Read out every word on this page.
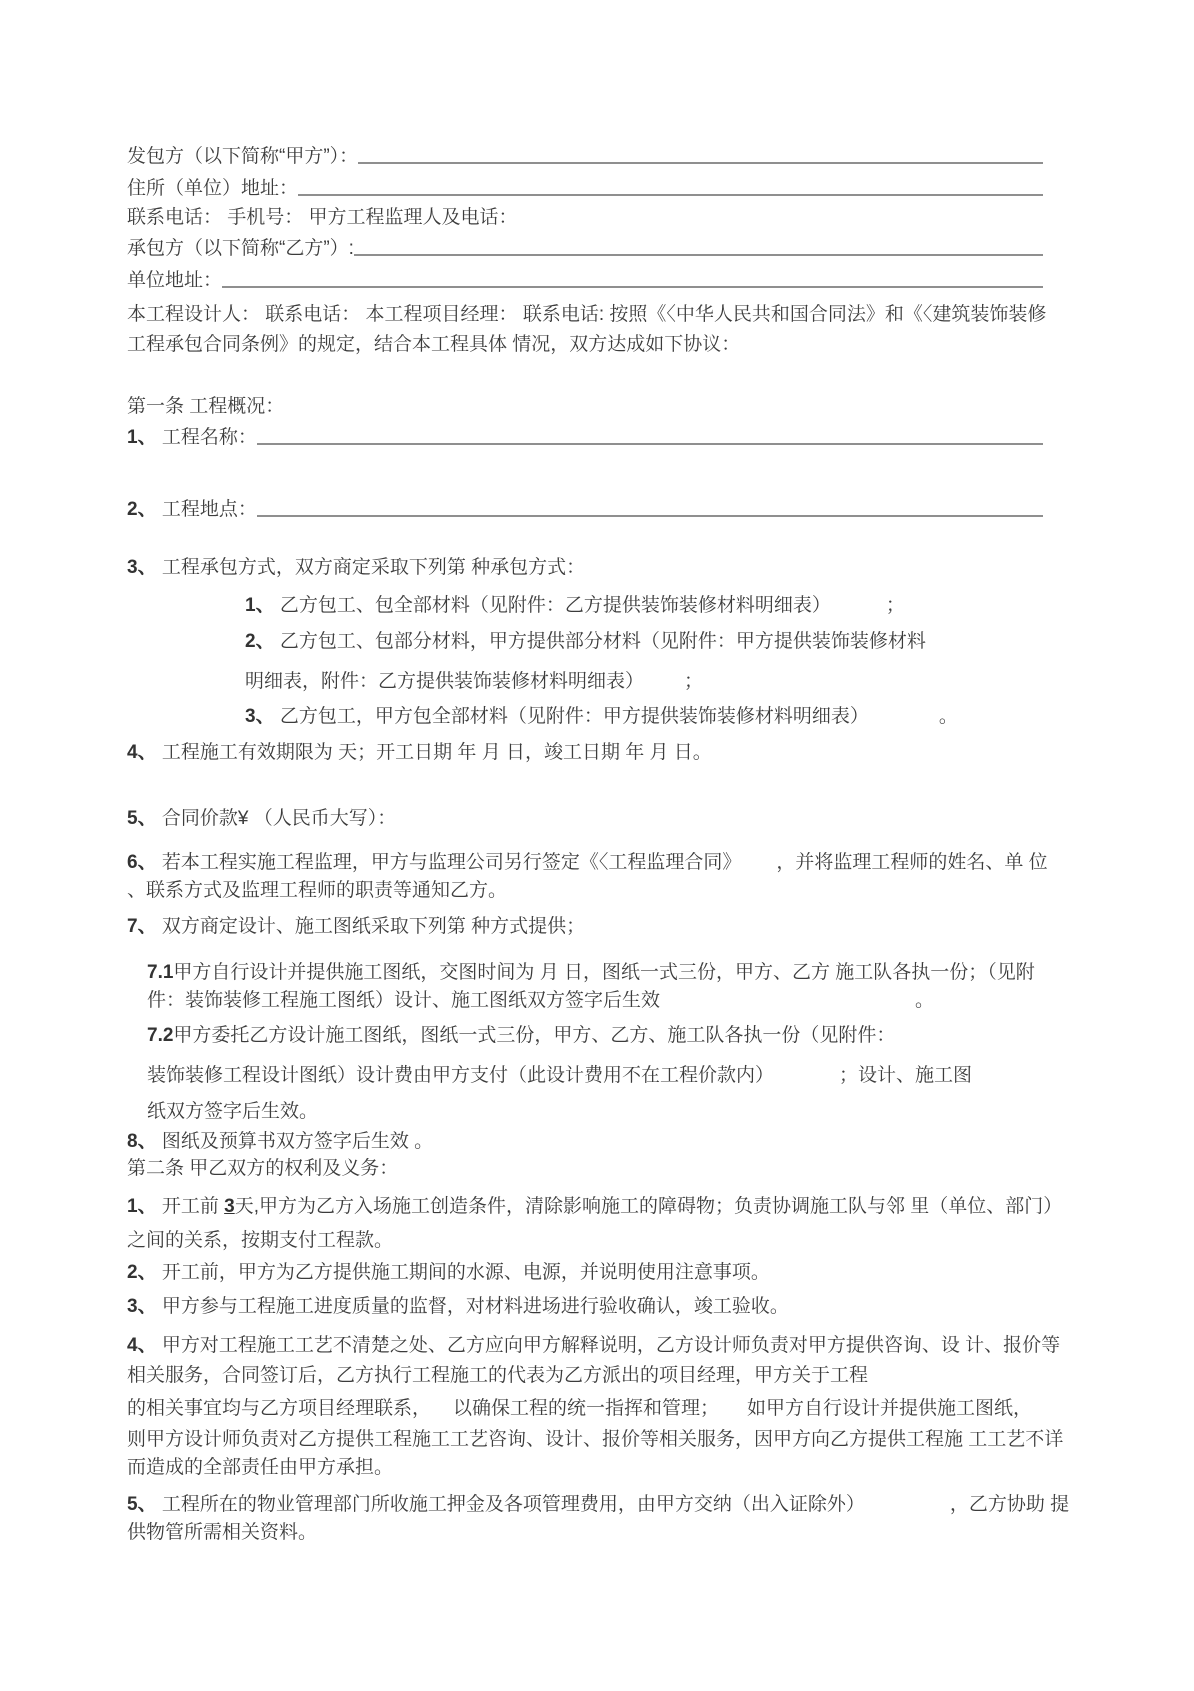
发包方（以下简称“甲方”）：
住所（单位）地址：
联系电话： 手机号： 甲方工程监理人及电话：
承包方（以下简称“乙方”）:
单位地址：
本工程设计人： 联系电话： 本工程项目经理： 联系电话: 按照《〈中华人民共和国合同法》和《〈建筑装饰装修
工程承包合同条例》的规定，结合本工程具体 情况，双方达成如下协议：
第一条 工程概况：
1、 工程名称：
2、 工程地点：
3、 工程承包方式，双方商定采取下列第 种承包方式：
1、 乙方包工、包全部材料（见附件：乙方提供装饰装修材料明细表）	；
2、 乙方包工、包部分材料，甲方提供部分材料（见附件：甲方提供装饰装修材料
明细表，附件：乙方提供装饰装修材料明细表） ；
3、 乙方包工，甲方包全部材料（见附件：甲方提供装饰装修材料明细表）	。
4、 工程施工有效期限为 天；开工日期 年 月 日，竣工日期 年 月 日。
5、 合同价款¥ （人民币大写）：
6、 若本工程实施工程监理，甲方与监理公司另行签定《〈工程监理合同》 ，并将监理工程师的姓名、单 位
、联系方式及监理工程师的职责等通知乙方。
7、 双方商定设计、施工图纸采取下列第 种方式提供；
7.1 甲方自行设计并提供施工图纸，交图时间为 月 日，图纸一式三份，甲方、乙方 施工队各执一份；（见附
件：装饰装修工程施工图纸）设计、施工图纸双方签字后生效	。
7.2 甲方委托乙方设计施工图纸，图纸一式三份，甲方、乙方、施工队各执一份（见附件：
装饰装修工程设计图纸）设计费由甲方支付（此设计费用不在工程价款内）	；设计、施工图
纸双方签字后生效。
8、 图纸及预算书双方签字后生效 。
第二条 甲乙双方的权利及义务：
1、 开工前 3 天,甲方为乙方入场施工创造条件，清除影响施工的障碍物；负责协调施工队与邻 里（单位、部门）
之间的关系，按期支付工程款。
2、 开工前，甲方为乙方提供施工期间的水源、电源，并说明使用注意事项。
3、 甲方参与工程施工进度质量的监督，对材料进场进行验收确认，竣工验收。
4、 甲方对工程施工工艺不清楚之处、乙方应向甲方解释说明，乙方设计师负责对甲方提供咨询、设 计、报价等
相关服务，合同签订后，乙方执行工程施工的代表为乙方派出的项目经理，甲方关于工程
的相关事宜均与乙方项目经理联系， 以确保工程的统一指挥和管理； 如甲方自行设计并提供施工图纸，
则甲方设计师负责对乙方提供工程施工工艺咨询、设计、报价等相关服务，因甲方向乙方提供工程施 工工艺不详
而造成的全部责任由甲方承担。
5、 工程所在的物业管理部门所收施工押金及各项管理费用，由甲方交纳（出入证除外）	，乙方协助 提
供物管所需相关资料。
